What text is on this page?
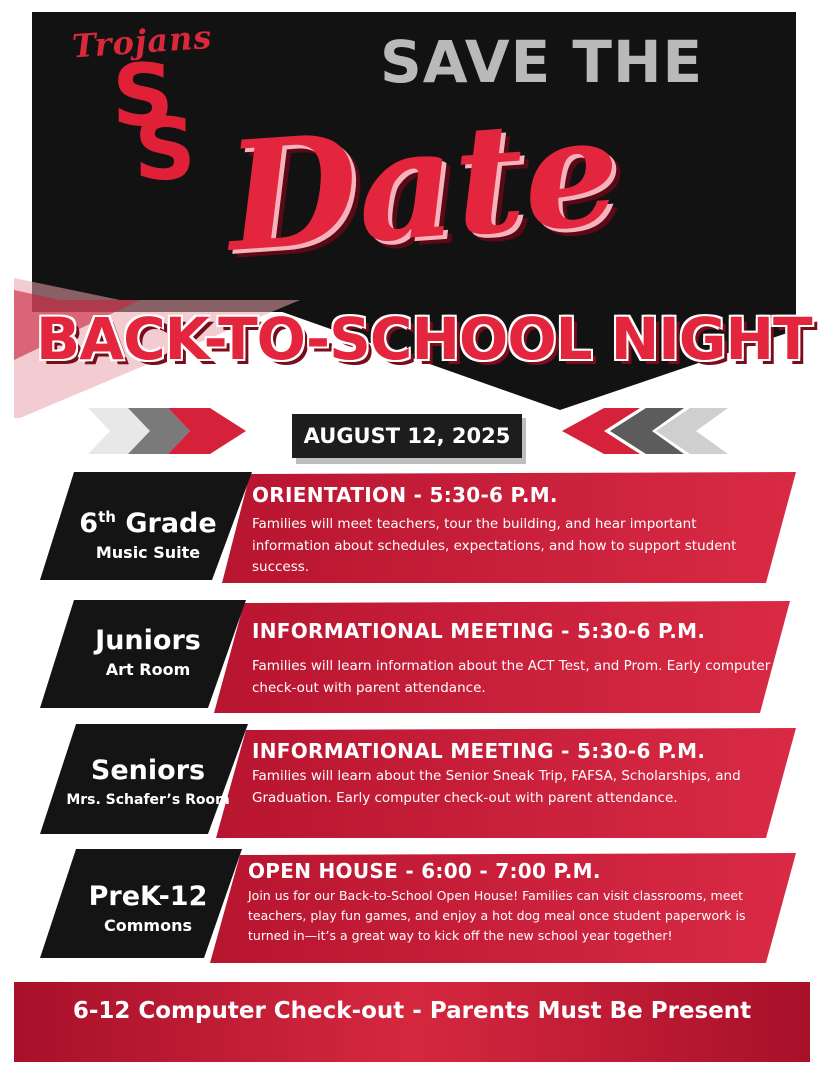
Trojans
S
S
SAVE THE
Date
BACK-TO-SCHOOL NIGHT
AUGUST 12, 2025
6th Grade
Music Suite
ORIENTATION - 5:30-6 P.M.
Families will meet teachers, tour the building, and hear important information about schedules, expectations, and how to support student success.
Juniors
Art Room
INFORMATIONAL MEETING - 5:30-6 P.M.
Families will learn information about the ACT Test, and Prom. Early computer check-out with parent attendance.
Seniors
Mrs. Schafer’s Room
INFORMATIONAL MEETING - 5:30-6 P.M.
Families will learn about the Senior Sneak Trip, FAFSA, Scholarships, and Graduation. Early computer check-out with parent attendance.
PreK-12
Commons
OPEN HOUSE - 6:00 - 7:00 P.M.
Join us for our Back-to-School Open House! Families can visit classrooms, meet teachers, play fun games, and enjoy a hot dog meal once student paperwork is turned in—it’s a great way to kick off the new school year together!
6-12 Computer Check-out - Parents Must Be Present
